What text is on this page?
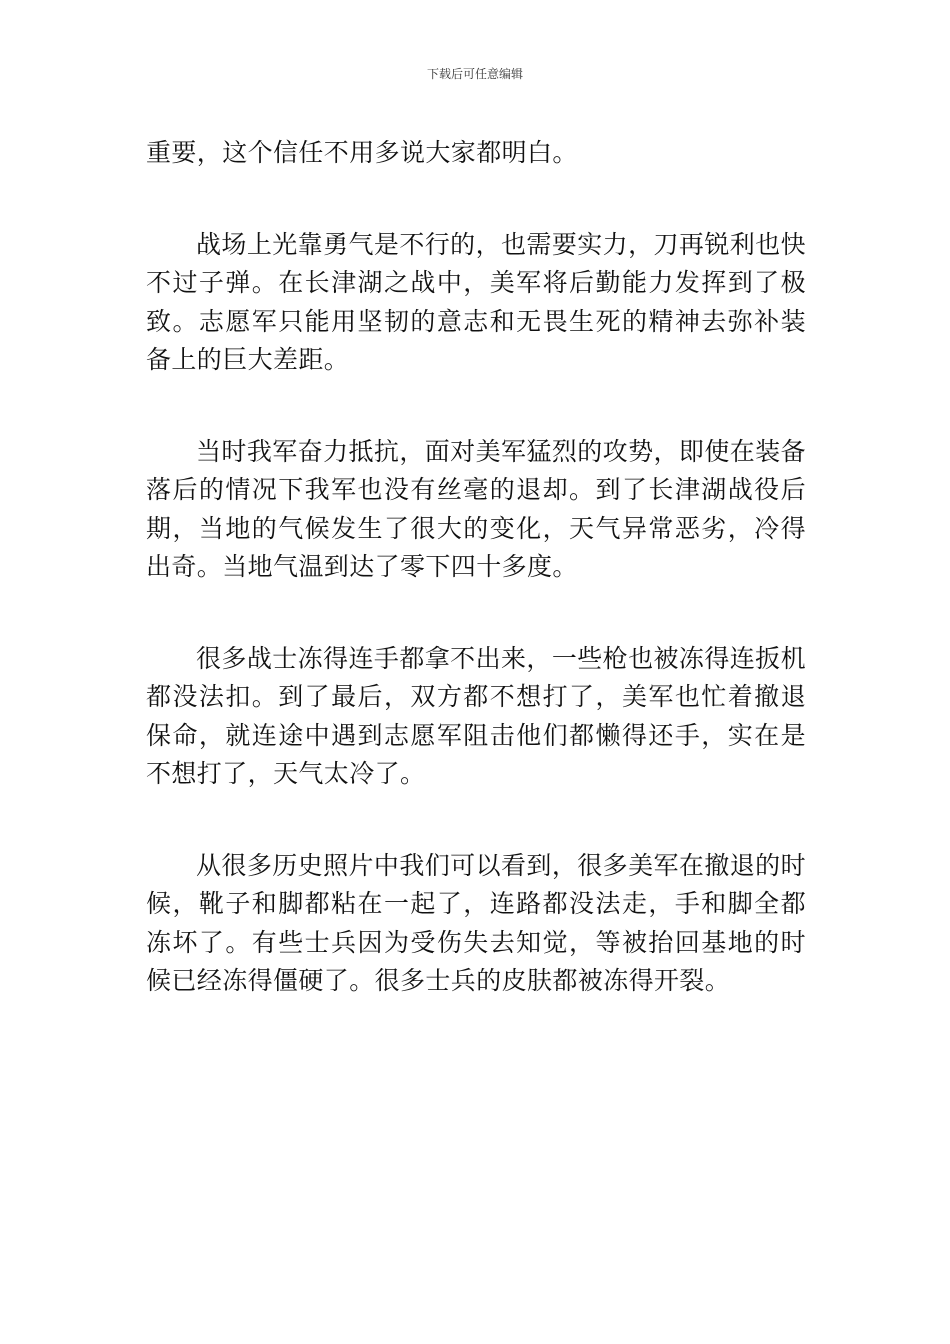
下载后可任意编辑

重要，这个信任不用多说大家都明白。

战场上光靠勇气是不行的，也需要实力，刀再锐利也快不过子弹。在长津湖之战中，美军将后勤能力发挥到了极致。志愿军只能用坚韧的意志和无畏生死的精神去弥补装备上的巨大差距。

当时我军奋力抵抗，面对美军猛烈的攻势，即使在装备落后的情况下我军也没有丝毫的退却。到了长津湖战役后期，当地的气候发生了很大的变化，天气异常恶劣，冷得出奇。当地气温到达了零下四十多度。

很多战士冻得连手都拿不出来，一些枪也被冻得连扳机都没法扣。到了最后，双方都不想打了，美军也忙着撤退保命，就连途中遇到志愿军阻击他们都懒得还手，实在是不想打了，天气太冷了。

从很多历史照片中我们可以看到，很多美军在撤退的时候，靴子和脚都粘在一起了，连路都没法走，手和脚全都冻坏了。有些士兵因为受伤失去知觉，等被抬回基地的时候已经冻得僵硬了。很多士兵的皮肤都被冻得开裂。
